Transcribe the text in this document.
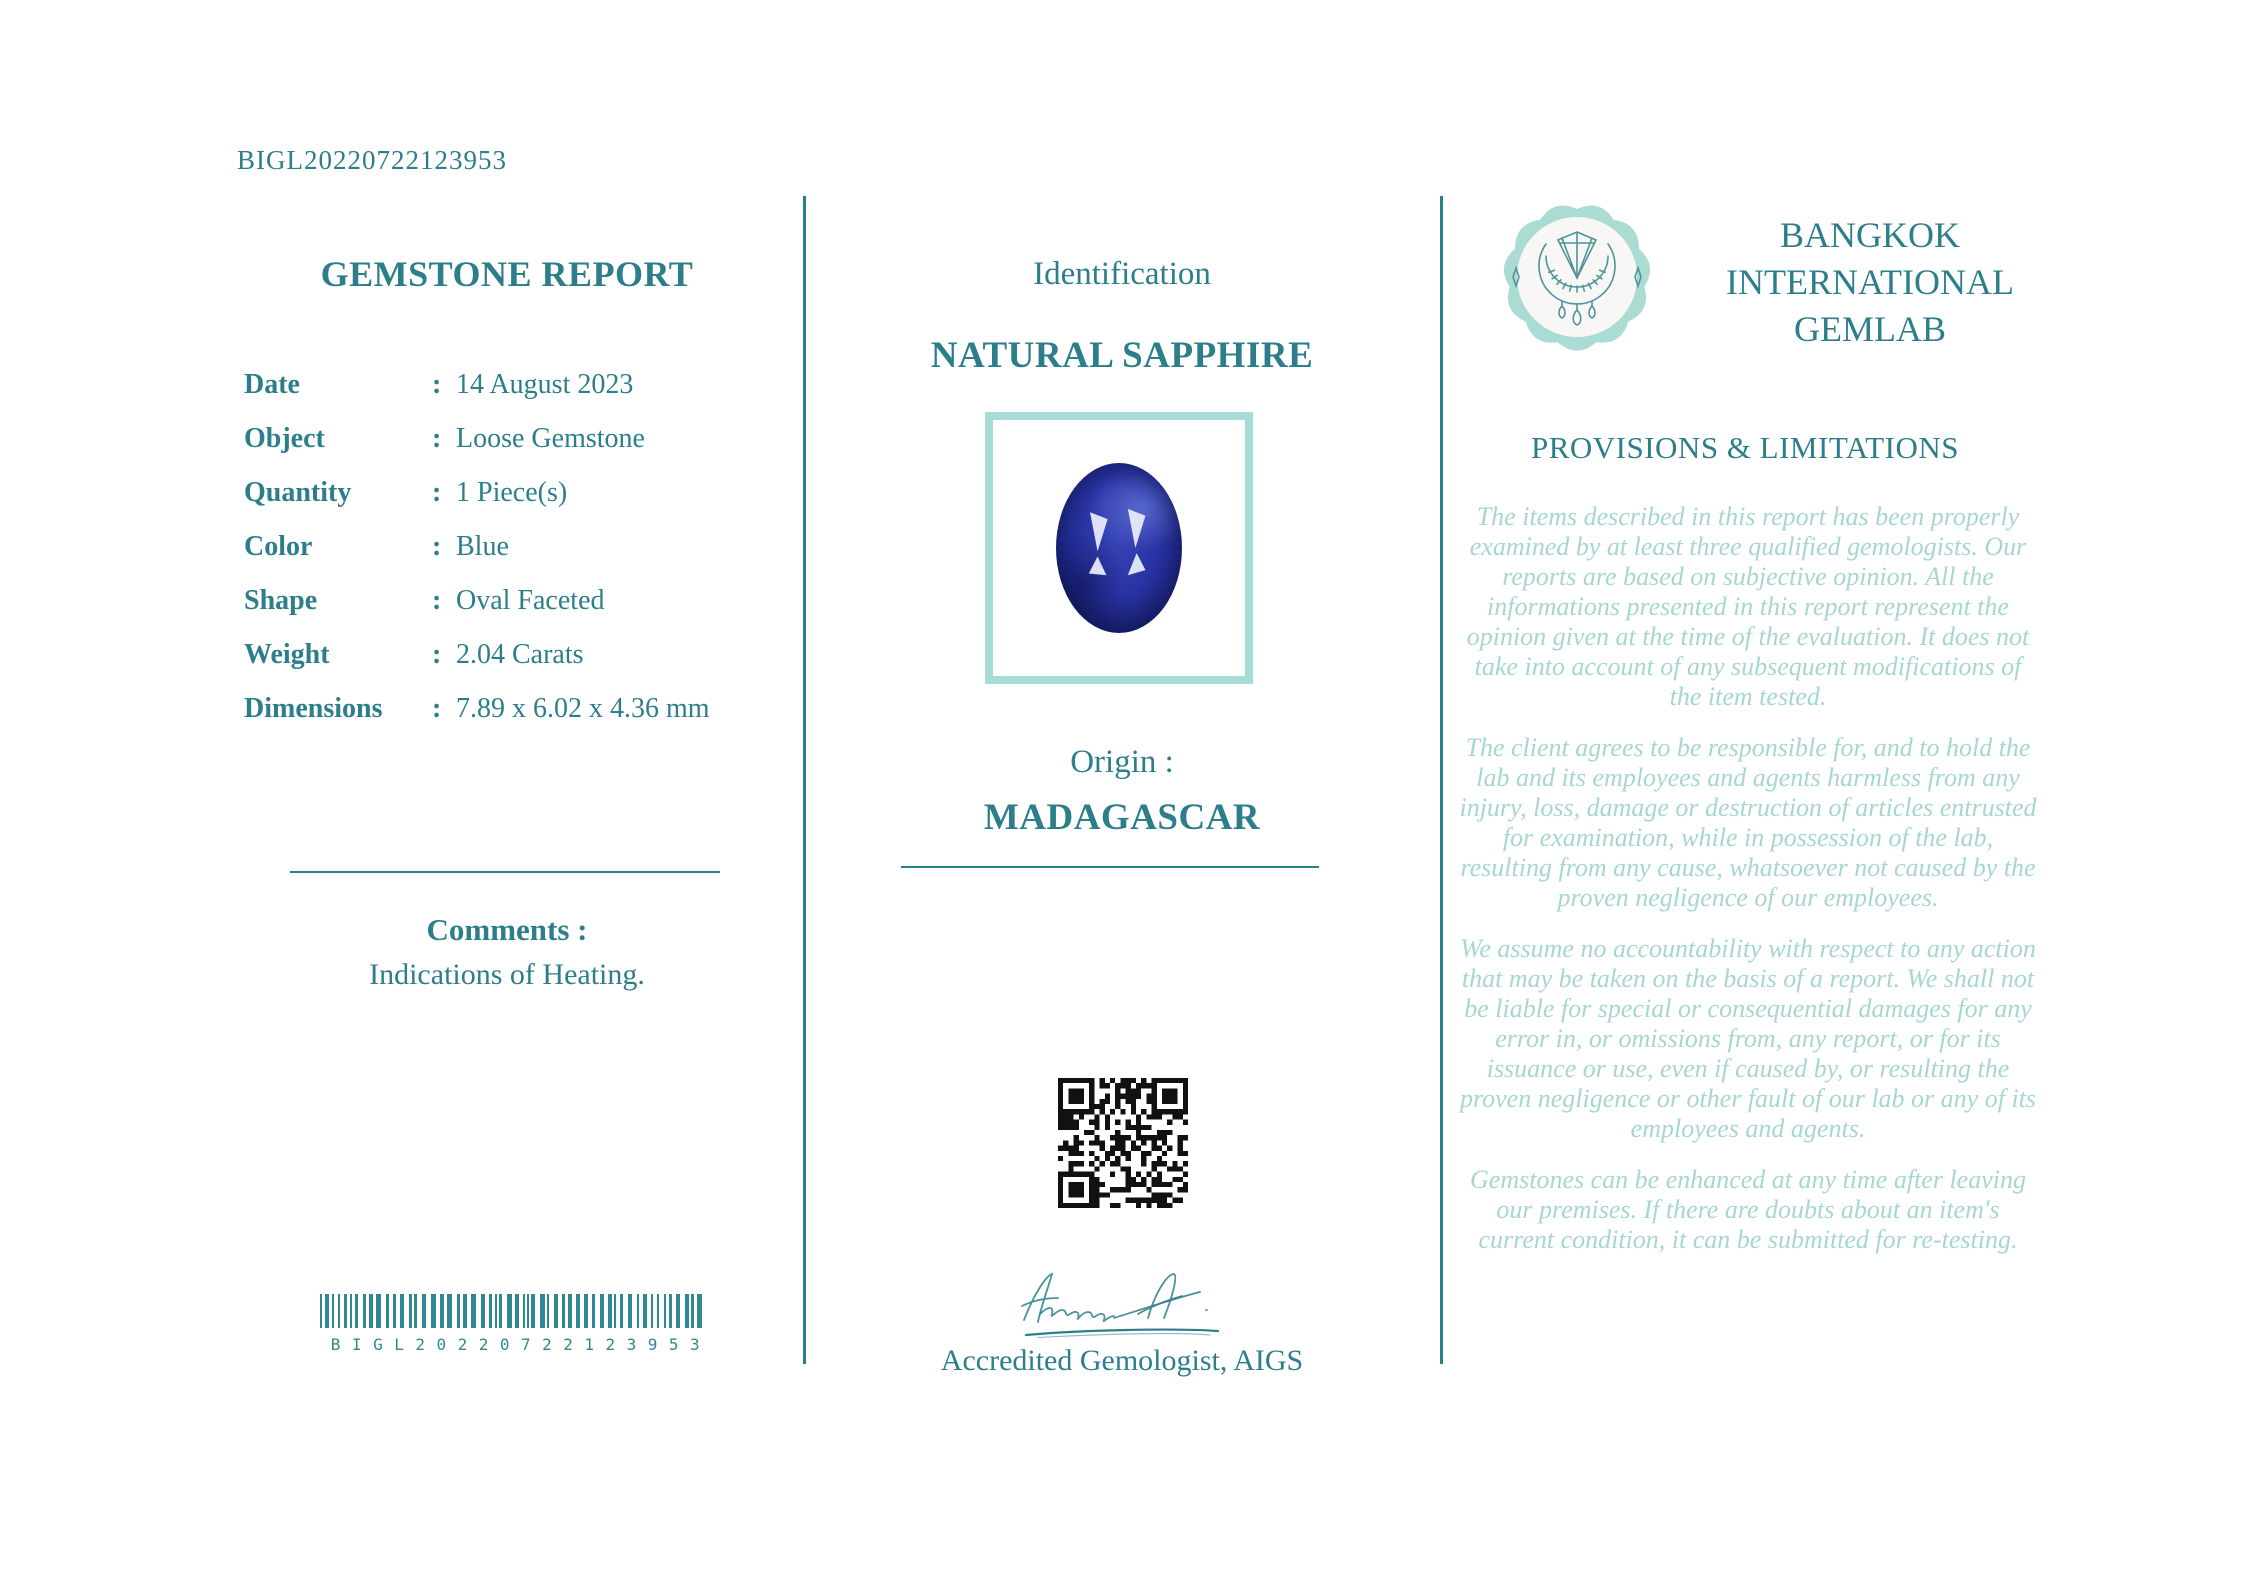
BIGL20220722123953
GEMSTONE REPORT
Date	: 14 August 2023
Object	: Loose Gemstone
Quantity	: 1 Piece(s)
Color	: Blue
Shape	: Oval Faceted
Weight	: 2.04 Carats
Dimensions : 7.89 x 6.02 x 4.36 mm
Comments :
Indications of Heating.
BIGL20220722123953
Identification
NATURAL SAPPHIRE
Origin :
MADAGASCAR
Accredited Gemologist, AIGS
BANGKOK
INTERNATIONAL
GEMLAB
PROVISIONS & LIMITATIONS

The items described in this report has been properly examined by at least three qualified gemologists. Our reports are based on subjective opinion. All the informations presented in this report represent the opinion given at the time of the evaluation. It does not take into account of any subsequent modifications of the item tested.

The client agrees to be responsible for, and to hold the lab and its employees and agents harmless from any injury, loss, damage or destruction of articles entrusted for examination, while in possession of the lab, resulting from any cause, whatsoever not caused by the proven negligence of our employees.

We assume no accountability with respect to any action that may be taken on the basis of a report. We shall not be liable for special or consequential damages for any error in, or omissions from, any report, or for its issuance or use, even if caused by, or resulting the proven negligence or other fault of our lab or any of its employees and agents.

Gemstones can be enhanced at any time after leaving our premises. If there are doubts about an item's current condition, it can be submitted for re-testing.
